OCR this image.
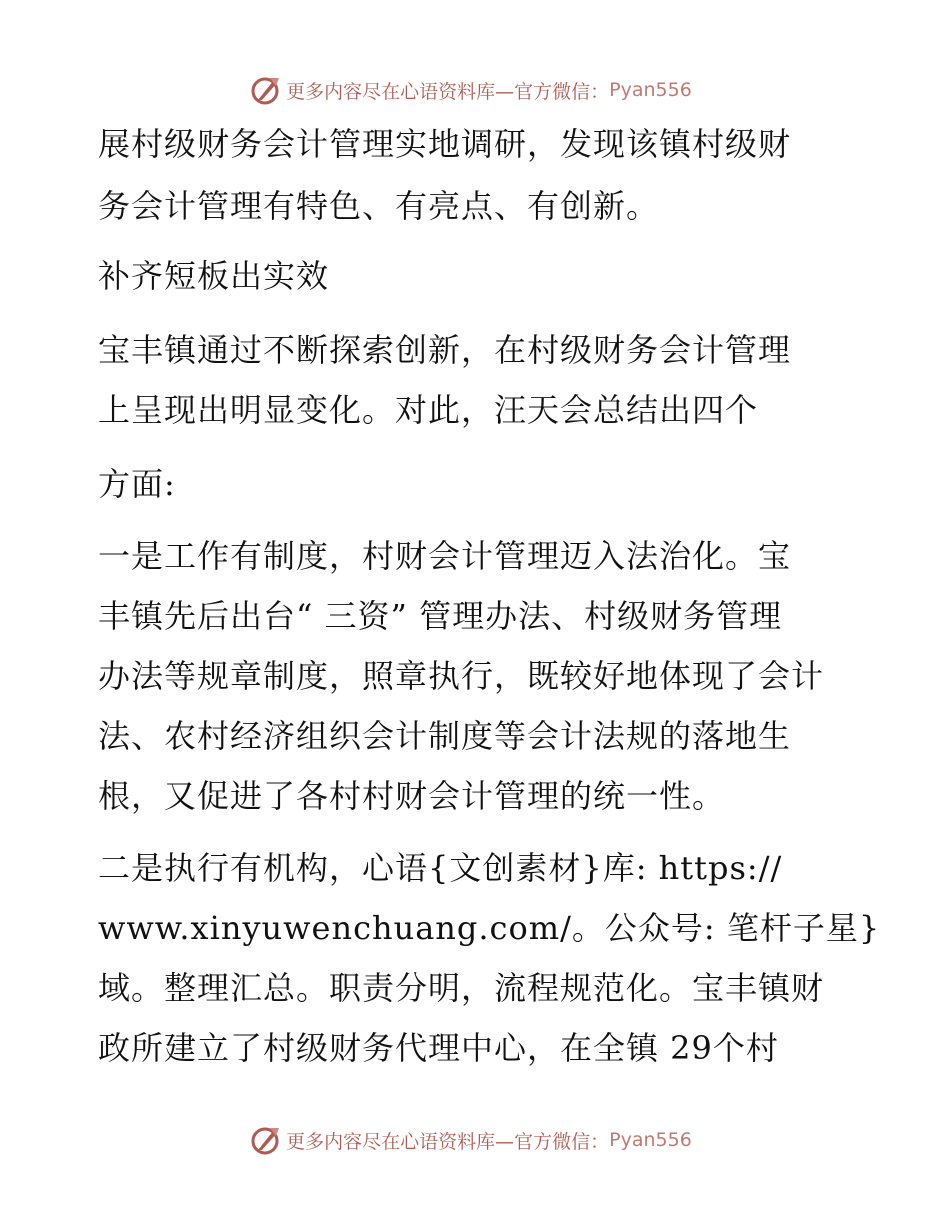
更多内容尽在心语资料库—官方微信： Pyan556
展村级财务会计管理实地调研，发现该镇村级财
务会计管理有特色、有亮点、有创新。
补齐短板出实效
宝丰镇通过不断探索创新，在村级财务会计管理
上呈现出明显变化。对此，汪天会总结出四个
方面:
一是工作有制度，村财会计管理迈入法治化。宝
丰镇先后出台“ 三资” 管理办法、村级财务管理
办法等规章制度，照章执行，既较好地体现了会计
法、农村经济组织会计制度等会计法规的落地生
根，又促进了各村村财会计管理的统一性。
二是执行有机构，心语{文创素材}库: https://
www.xinyuwenchuang.com/。公众号: 笔杆子星}
域。整理汇总。职责分明，流程规范化。宝丰镇财
政所建立了村级财务代理中心，在全镇 29个村
更多内容尽在心语资料库—官方微信： Pyan556
